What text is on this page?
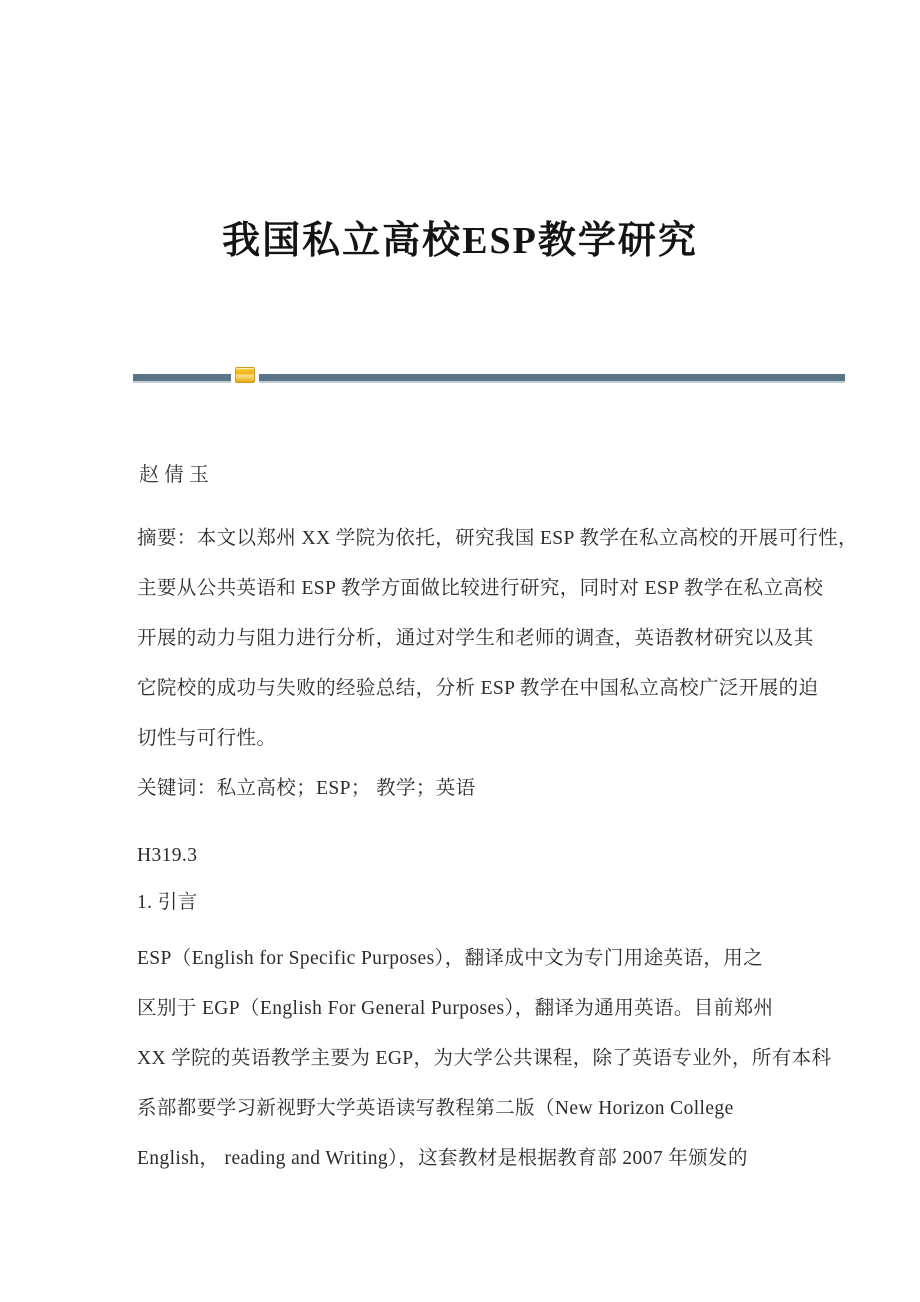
我国私立高校ESP教学研究
赵倩玉
摘要：本文以郑州 XX 学院为依托，研究我国 ESP 教学在私立高校的开展可行性，
主要从公共英语和 ESP 教学方面做比较进行研究，同时对 ESP 教学在私立高校
开展的动力与阻力进行分析，通过对学生和老师的调查，英语教材研究以及其
它院校的成功与失败的经验总结，分析 ESP 教学在中国私立高校广泛开展的迫
切性与可行性。
关键词：私立高校；ESP； 教学；英语
H319.3
1. 引言
ESP（English for Specific Purposes），翻译成中文为专门用途英语，用之
区别于 EGP（English For General Purposes），翻译为通用英语。目前郑州
XX 学院的英语教学主要为 EGP，为大学公共课程，除了英语专业外，所有本科
系部都要学习新视野大学英语读写教程第二版（New Horizon College
English， reading and Writing），这套教材是根据教育部 2007 年颁发的
